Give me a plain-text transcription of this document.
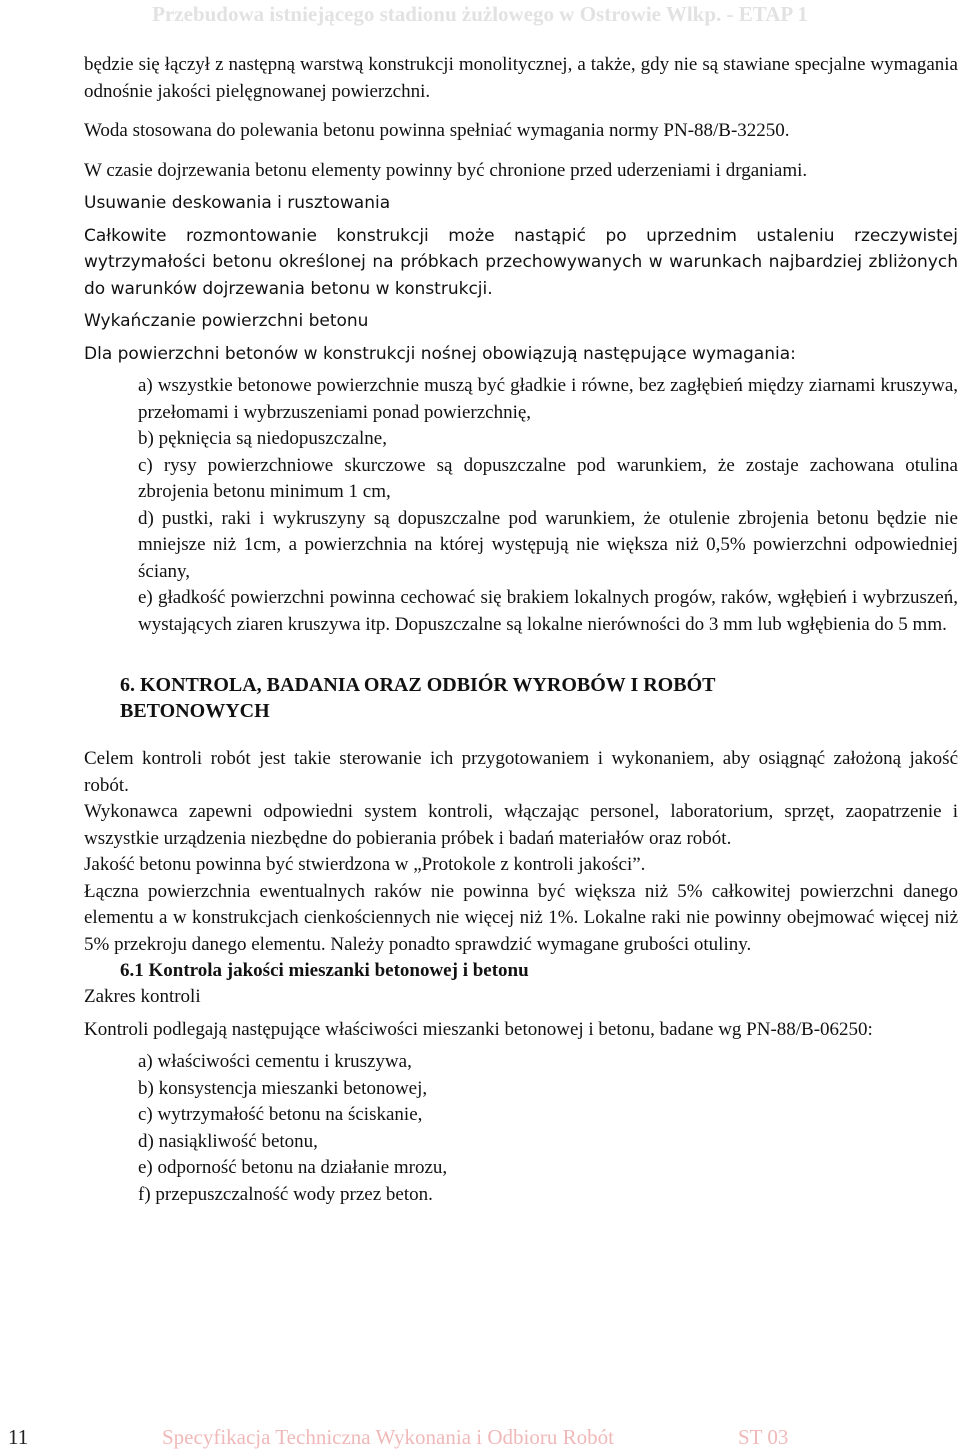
Przebudowa istniejącego stadionu żużlowego w Ostrowie Wlkp. - ETAP 1

będzie się łączył z następną warstwą konstrukcji monolitycznej, a także, gdy nie są stawiane specjalne wymagania odnośnie jakości pielęgnowanej powierzchni.

Woda stosowana do polewania betonu powinna spełniać wymagania normy PN-88/B-32250.

W czasie dojrzewania betonu elementy powinny być chronione przed uderzeniami i drganiami.

Usuwanie deskowania i rusztowania

Całkowite rozmontowanie konstrukcji może nastąpić po uprzednim ustaleniu rzeczywistej wytrzymałości betonu określonej na próbkach przechowywanych w warunkach najbardziej zbliżonych do warunków dojrzewania betonu w konstrukcji.

Wykańczanie powierzchni betonu

Dla powierzchni betonów w konstrukcji nośnej obowiązują następujące wymagania:

a) wszystkie betonowe powierzchnie muszą być gładkie i równe, bez zagłębień między ziarnami kruszywa, przełomami i wybrzuszeniami ponad powierzchnię,
b) pęknięcia są niedopuszczalne,
c) rysy powierzchniowe skurczowe są dopuszczalne pod warunkiem, że zostaje zachowana otulina zbrojenia betonu minimum 1 cm,
d) pustki, raki i wykruszyny są dopuszczalne pod warunkiem, że otulenie zbrojenia betonu będzie nie mniejsze niż 1cm, a powierzchnia na której występują nie większa niż 0,5% powierzchni odpowiedniej ściany,
e) gładkość powierzchni powinna cechować się brakiem lokalnych progów, raków, wgłębień i wybrzuszeń, wystających ziaren kruszywa itp. Dopuszczalne są lokalne nierówności do 3 mm lub wgłębienia do 5 mm.
6. KONTROLA, BADANIA ORAZ ODBIÓR WYROBÓW I ROBÓT
BETONOWYCH

Celem kontroli robót jest takie sterowanie ich przygotowaniem i wykonaniem, aby osiągnąć założoną jakość robót.

Wykonawca zapewni odpowiedni system kontroli, włączając personel, laboratorium, sprzęt, zaopatrzenie i wszystkie urządzenia niezbędne do pobierania próbek i badań materiałów oraz robót.

Jakość betonu powinna być stwierdzona w „Protokole z kontroli jakości”.

Łączna powierzchnia ewentualnych raków nie powinna być większa niż 5% całkowitej powierzchni danego elementu a w konstrukcjach cienkościennych nie więcej niż 1%. Lokalne raki nie powinny obejmować więcej niż 5% przekroju danego elementu. Należy ponadto sprawdzić wymagane grubości otuliny.

6.1 Kontrola jakości mieszanki betonowej i betonu

Zakres kontroli

Kontroli podlegają następujące właściwości mieszanki betonowej i betonu, badane wg PN-88/B-06250:

a) właściwości cementu i kruszywa,
b) konsystencja mieszanki betonowej,
c) wytrzymałość betonu na ściskanie,
d) nasiąkliwość betonu,
e) odporność betonu na działanie mrozu,
f) przepuszczalność wody przez beton.
11	Specyfikacja Techniczna Wykonania i Odbioru Robót	ST 03
